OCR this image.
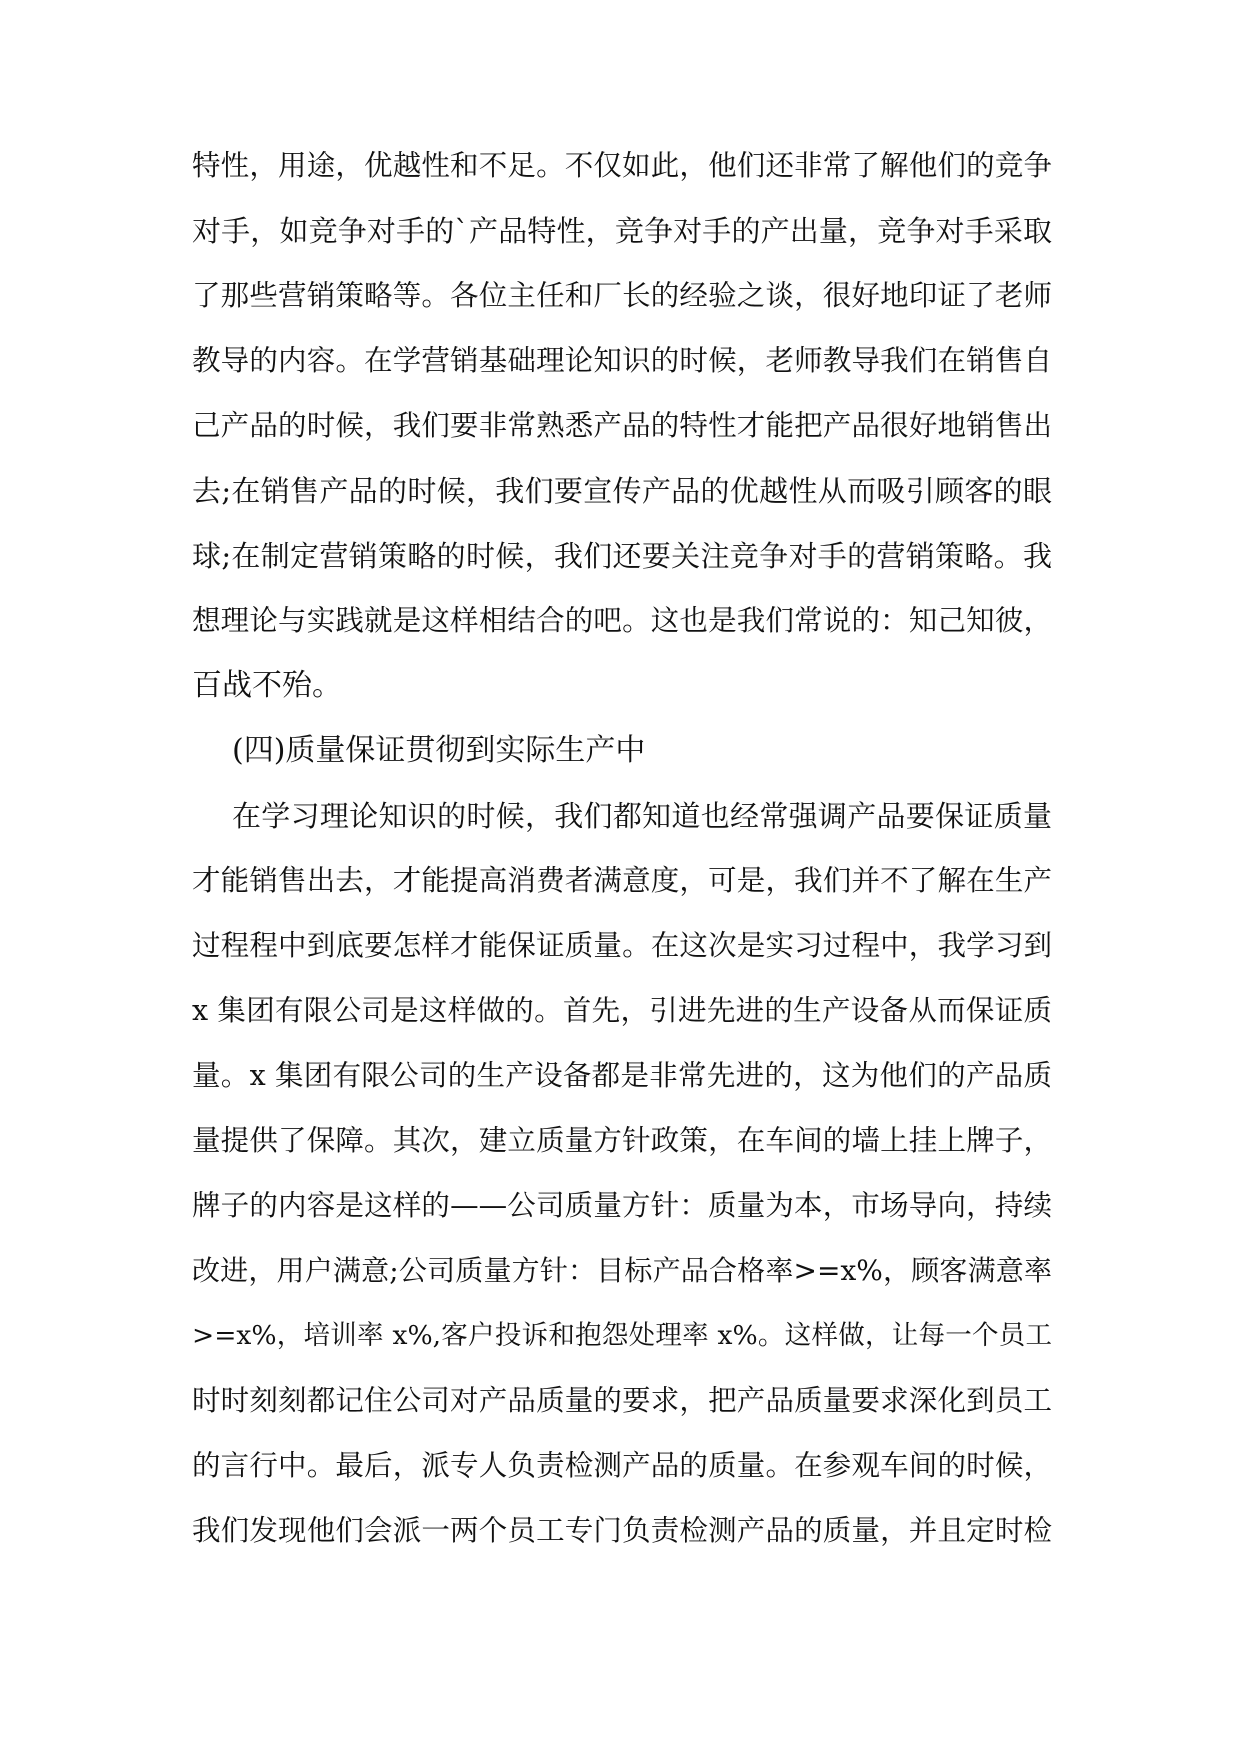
特性，用途，优越性和不足。不仅如此，他们还非常了解他们的竞争
对手，如竞争对手的`产品特性，竞争对手的产出量，竞争对手采取
了那些营销策略等。各位主任和厂长的经验之谈，很好地印证了老师
教导的内容。在学营销基础理论知识的时候，老师教导我们在销售自
己产品的时候，我们要非常熟悉产品的特性才能把产品很好地销售出
去;在销售产品的时候，我们要宣传产品的优越性从而吸引顾客的眼
球;在制定营销策略的时候，我们还要关注竞争对手的营销策略。我
想理论与实践就是这样相结合的吧。这也是我们常说的：知己知彼，
百战不殆。
(四)质量保证贯彻到实际生产中
在学习理论知识的时候，我们都知道也经常强调产品要保证质量
才能销售出去，才能提高消费者满意度，可是，我们并不了解在生产
过程程中到底要怎样才能保证质量。在这次是实习过程中，我学习到
x 集团有限公司是这样做的。首先，引进先进的生产设备从而保证质
量。x 集团有限公司的生产设备都是非常先进的，这为他们的产品质
量提供了保障。其次，建立质量方针政策，在车间的墙上挂上牌子，
牌子的内容是这样的——公司质量方针：质量为本，市场导向，持续
改进，用户满意;公司质量方针：目标产品合格率>=x%，顾客满意率
>=x%，培训率 x%,客户投诉和抱怨处理率 x%。这样做，让每一个员工
时时刻刻都记住公司对产品质量的要求，把产品质量要求深化到员工
的言行中。最后，派专人负责检测产品的质量。在参观车间的时候，
我们发现他们会派一两个员工专门负责检测产品的质量，并且定时检
